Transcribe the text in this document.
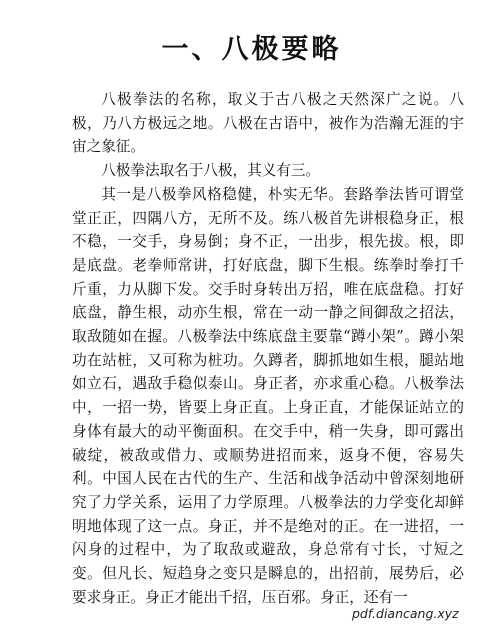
一、八极要略

八极拳法的名称，取义于古八极之天然深广之说。八极，乃八方极远之地。八极在古语中，被作为浩瀚无涯的宇宙之象征。

八极拳法取名于八极，其义有三。

其一是八极拳风格稳健，朴实无华。套路拳法皆可谓堂堂正正，四隅八方，无所不及。练八极首先讲根稳身正，根不稳，一交手，身易倒；身不正，一出步，根先拔。根，即是底盘。老拳师常讲，打好底盘，脚下生根。练拳时拳打千斤重，力从脚下发。交手时身转出万招，唯在底盘稳。打好底盘，静生根，动亦生根，常在一动一静之间御敌之招法，取敌随如在握。八极拳法中练底盘主要靠“蹲小架”。蹲小架功在站桩，又可称为桩功。久蹲者，脚抓地如生根，腿站地如立石，遇敌手稳似泰山。身正者，亦求重心稳。八极拳法中，一招一势，皆要上身正直。上身正直，才能保证站立的身体有最大的动平衡面积。在交手中，稍一失身，即可露出破绽，被敌或借力、或顺势进招而来，返身不便，容易失利。中国人民在古代的生产、生活和战争活动中曾深刻地研究了力学关系，运用了力学原理。八极拳法的力学变化却鲜明地体现了这一点。身正，并不是绝对的正。在一进招，一闪身的过程中，为了取敌或避敌，身总常有寸长，寸短之变。但凡长、短趋身之变只是瞬息的，出招前，展势后，必要求身正。身正才能出千招，压百邪。身正，还有一

pdf.diancang.xyz
